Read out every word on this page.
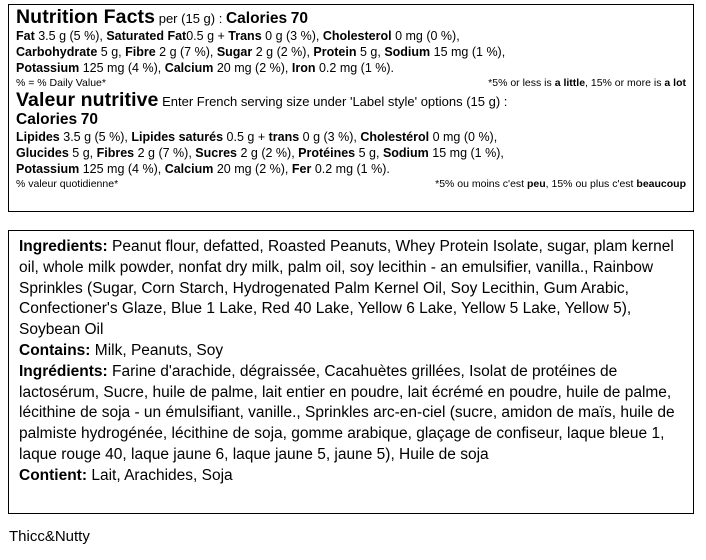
Nutrition Facts per (15 g) : Calories 70
Fat 3.5 g (5 %), Saturated Fat0.5 g + Trans 0 g (3 %), Cholesterol 0 mg (0 %),
Carbohydrate 5 g, Fibre 2 g (7 %), Sugar 2 g (2 %), Protein 5 g, Sodium 15 mg (1 %),
Potassium 125 mg (4 %), Calcium 20 mg (2 %), Iron 0.2 mg (1 %).
% = % Daily Value*	*5% or less is a little, 15% or more is a lot
Valeur nutritive Enter French serving size under 'Label style' options (15 g) :
Calories 70
Lipides 3.5 g (5 %), Lipides saturés 0.5 g + trans 0 g (3 %), Cholestérol 0 mg (0 %),
Glucides 5 g, Fibres 2 g (7 %), Sucres 2 g (2 %), Protéines 5 g, Sodium 15 mg (1 %),
Potassium 125 mg (4 %), Calcium 20 mg (2 %), Fer 0.2 mg (1 %).
% valeur quotidienne*	*5% ou moins c'est peu, 15% ou plus c'est beaucoup

Ingredients: Peanut flour, defatted, Roasted Peanuts, Whey Protein Isolate, sugar, plam kernel oil, whole milk powder, nonfat dry milk, palm oil, soy lecithin - an emulsifier, vanilla., Rainbow Sprinkles (Sugar, Corn Starch, Hydrogenated Palm Kernel Oil, Soy Lecithin, Gum Arabic, Confectioner's Glaze, Blue 1 Lake, Red 40 Lake, Yellow 6 Lake, Yellow 5 Lake, Yellow 5), Soybean Oil

Contains: Milk, Peanuts, Soy

Ingrédients: Farine d'arachide, dégraissée, Cacahuètes grillées, Isolat de protéines de lactosérum, Sucre, huile de palme, lait entier en poudre, lait écrémé en poudre, huile de palme, lécithine de soja - un émulsifiant, vanille., Sprinkles arc-en-ciel (sucre, amidon de maïs, huile de palmiste hydrogénée, lécithine de soja, gomme arabique, glaçage de confiseur, laque bleue 1, laque rouge 40, laque jaune 6, laque jaune 5, jaune 5), Huile de soja

Contient: Lait, Arachides, Soja

Thicc&Nutty
